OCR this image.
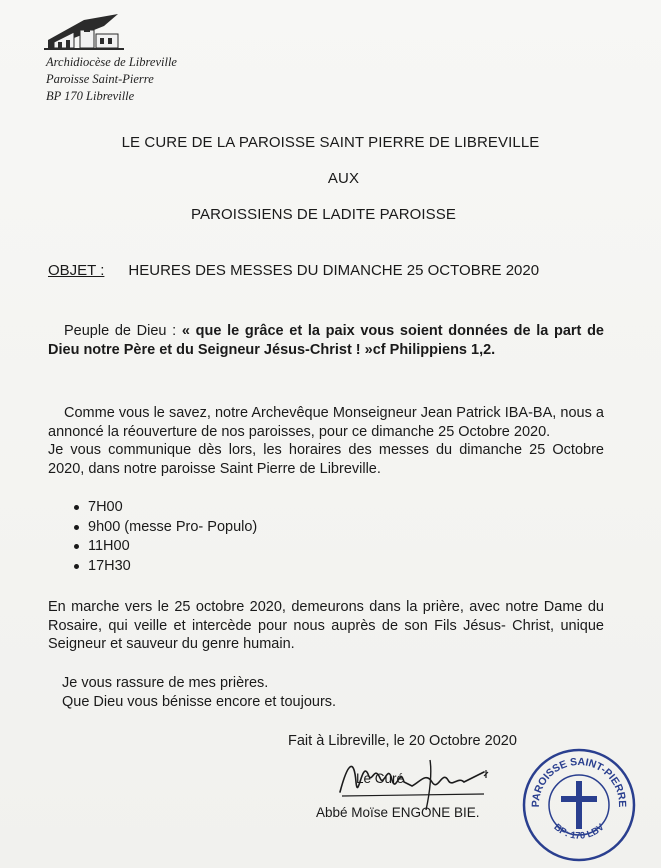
Archidiocèse de Libreville
Paroisse Saint-Pierre
BP 170 Libreville
LE CURE DE LA PAROISSE SAINT PIERRE DE LIBREVILLE
AUX
PAROISSIENS DE LADITE PAROISSE
OBJET : HEURES DES MESSES DU DIMANCHE 25 OCTOBRE 2020

Peuple de Dieu : « que le grâce et la paix vous soient données de la part de Dieu notre Père et du Seigneur Jésus-Christ ! »cf Philippiens 1,2.

Comme vous le savez, notre Archevêque Monseigneur Jean Patrick IBA-BA, nous a annoncé la réouverture de nos paroisses, pour ce dimanche 25 Octobre 2020.

Je vous communique dès lors, les horaires des messes du dimanche 25 Octobre 2020, dans notre paroisse Saint Pierre de Libreville.

7H00
9h00 (messe Pro- Populo)
11H00
17H30

En marche vers le 25 octobre 2020, demeurons dans la prière, avec notre Dame du Rosaire, qui veille et intercède pour nous auprès de son Fils Jésus- Christ, unique Seigneur et sauveur du genre humain.

Je vous rassure de mes prières.

Que Dieu vous bénisse encore et toujours.

Fait à Libreville, le 20 Octobre 2020
Le Curé
Abbé Moïse ENGONE BIE.
PAROISSE SAINT-PIERRE
BP: 170 LBV
